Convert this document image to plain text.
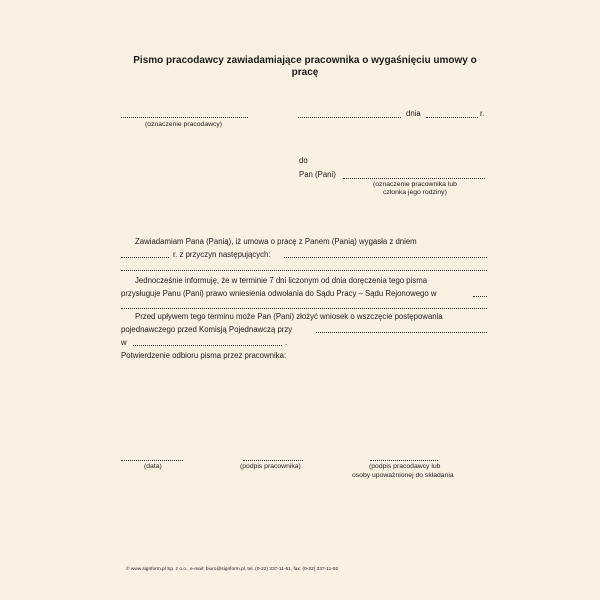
Pismo pracodawcy zawiadamiające pracownika o wygaśnięciu umowy o pracę
(oznaczenie pracodawcy)
dnia	r.
do
Pan (Pani)
(oznaczenie pracownika lub
członka jego rodziny)
Zawiadamiam Pana (Panią), iż umowa o pracę z Panem (Panią) wygasła z dniem
r. z przyczyn następujących:
Jednocześnie informuję, że w terminie 7 dni liczonym od dnia doręczenia tego pisma
przysługuje Panu (Pani) prawo wniesienia odwołania do Sądu Pracy – Sądu Rejonowego w
Przed upływem tego terminu może Pan (Pani) złożyć wniosek o wszczęcie postępowania
pojednawczego przed Komisją Pojednawczą przy
w	.
Potwierdzenie odbioru pisma przez pracownika:
(data)	(podpis pracownika)	(podpis pracodawcy lub
osoby upoważnionej do składania
© www.signform.pl Sp. z o.o., e-mail: biuro@signform.pl, tel. (0-22) 337-11-51, fax: (0-22) 337-11-52
